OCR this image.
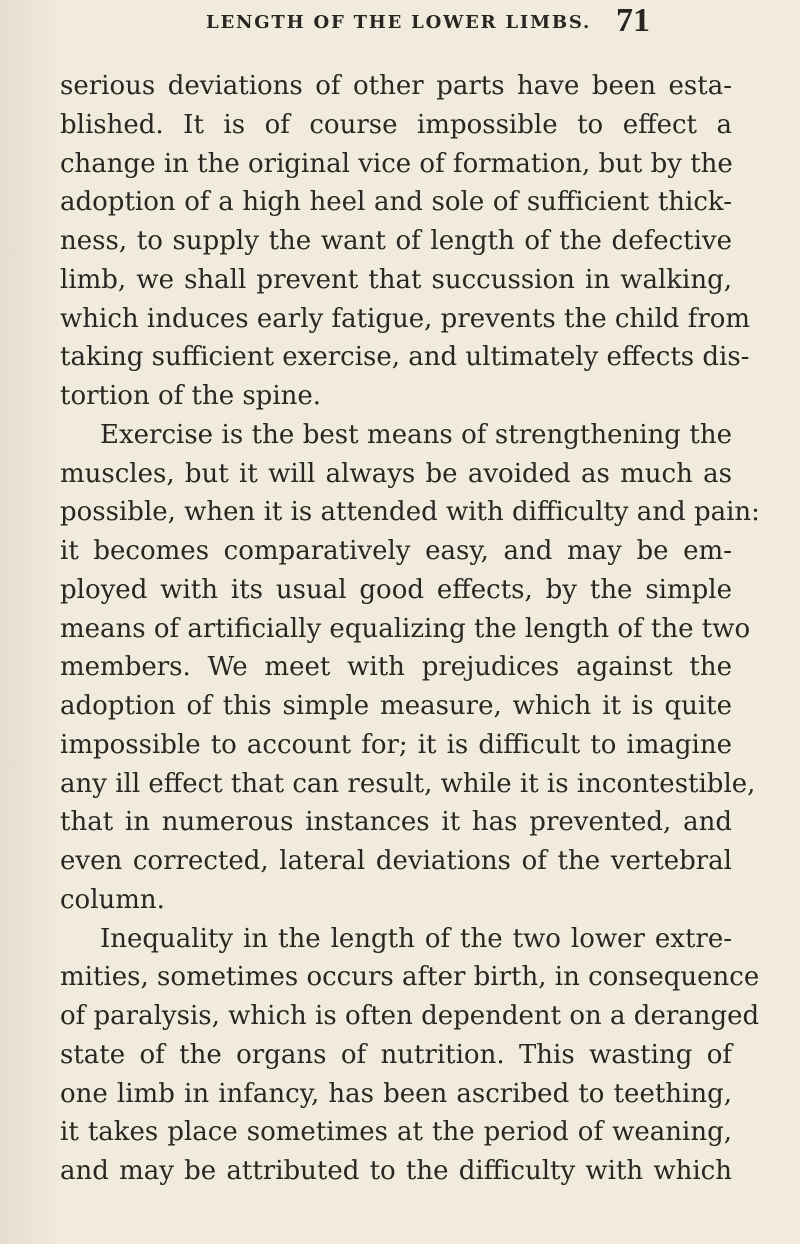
LENGTH OF THE LOWER LIMBS. 71
serious deviations of other parts have been esta-
blished. It is of course impossible to effect a
change in the original vice of formation, but by the
adoption of a high heel and sole of sufficient thick-
ness, to supply the want of length of the defective
limb, we shall prevent that succussion in walking,
which induces early fatigue, prevents the child from
taking sufficient exercise, and ultimately effects dis-
tortion of the spine.
Exercise is the best means of strengthening the
muscles, but it will always be avoided as much as
possible, when it is attended with difficulty and pain:
it becomes comparatively easy, and may be em-
ployed with its usual good effects, by the simple
means of artificially equalizing the length of the two
members. We meet with prejudices against the
adoption of this simple measure, which it is quite
impossible to account for; it is difficult to imagine
any ill effect that can result, while it is incontestible,
that in numerous instances it has prevented, and
even corrected, lateral deviations of the vertebral
column.
Inequality in the length of the two lower extre-
mities, sometimes occurs after birth, in consequence
of paralysis, which is often dependent on a deranged
state of the organs of nutrition. This wasting of
one limb in infancy, has been ascribed to teething,
it takes place sometimes at the period of weaning,
and may be attributed to the difficulty with which
